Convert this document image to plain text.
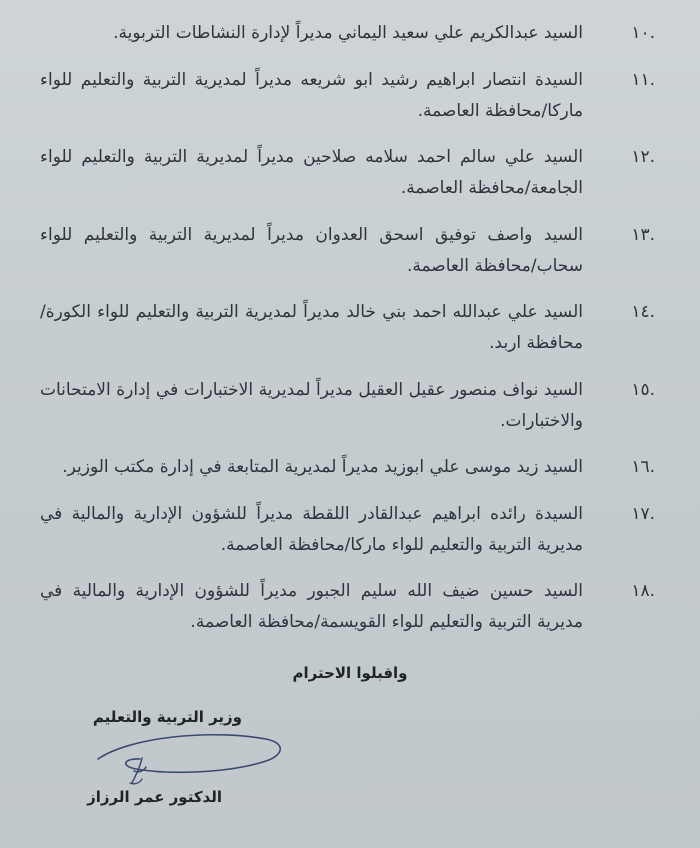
.١٠
السيد عبدالكريم علي سعيد اليماني مديراً لإدارة النشاطات التربوية.
.١١
السيدة انتصار ابراهيم رشيد ابو شريعه مديراً لمديرية التربية والتعليم للواء ماركا/محافظة العاصمة.
.١٢
السيد علي سالم احمد سلامه صلاحين مديراً لمديرية التربية والتعليم للواء الجامعة/محافظة العاصمة.
.١٣
السيد واصف توفيق اسحق العدوان مديراً لمديرية التربية والتعليم للواء سحاب/محافظة العاصمة.
.١٤
السيد علي عبدالله احمد بني خالد مديراً لمديرية التربية والتعليم للواء الكورة/محافظة اربد.
.١٥
السيد نواف منصور عقيل العقيل مديراً لمديرية الاختبارات في إدارة الامتحانات والاختبارات.
.١٦
السيد زيد موسى علي ابوزيد مديراً لمديرية المتابعة في إدارة مكتب الوزير.
.١٧
السيدة رائده ابراهيم عبدالقادر اللقطة مديراً للشؤون الإدارية والمالية في مديرية التربية والتعليم للواء ماركا/محافظة العاصمة.
.١٨
السيد حسين ضيف الله سليم الجبور مديراً للشؤون الإدارية والمالية في مديرية التربية والتعليم للواء القويسمة/محافظة العاصمة.
واقبلوا الاحترام
وزير التربية والتعليم
الدكتور عمر الرزاز
